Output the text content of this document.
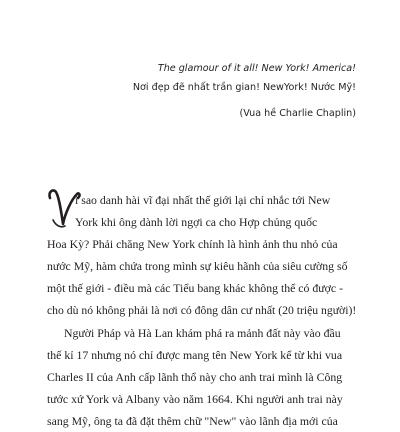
The glamour of it all! New York! America!
Nơi đẹp đẽ nhất trần gian! NewYork! Nước Mỹ!
(Vua hề Charlie Chaplin)
ì sao danh hài vĩ đại nhất thế giới lại chỉ nhắc tới New
York khi ông dành lời ngợi ca cho Hợp chủng quốc
Hoa Kỳ? Phải chăng New York chính là hình ảnh thu nhỏ của
nước Mỹ, hàm chứa trong mình sự kiêu hãnh của siêu cường số
một thế giới - điều mà các Tiểu bang khác không thể có được -
cho dù nó không phải là nơi có đông dân cư nhất (20 triệu người)!
Người Pháp và Hà Lan khám phá ra mảnh đất này vào đầu
thế kỉ 17 nhưng nó chỉ được mang tên New York kể từ khi vua
Charles II của Anh cấp lãnh thổ này cho anh trai mình là Công
tước xứ York và Albany vào năm 1664. Khi người anh trai này
sang Mỹ, ông ta đã đặt thêm chữ "New" vào lãnh địa mới của
